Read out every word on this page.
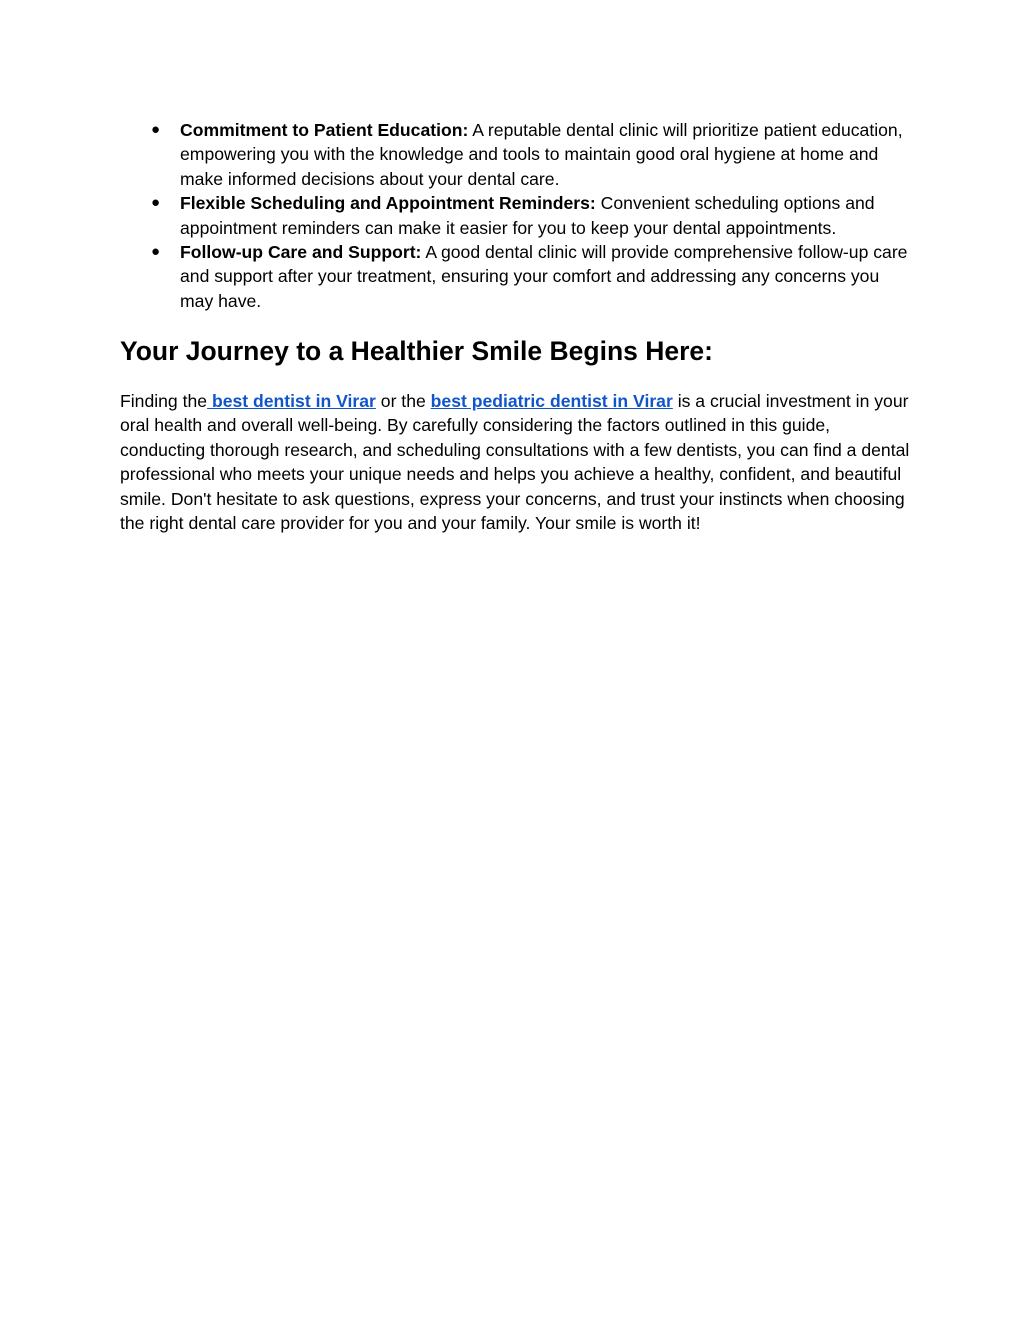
● Commitment to Patient Education: A reputable dental clinic will prioritize patient education, empowering you with the knowledge and tools to maintain good oral hygiene at home and make informed decisions about your dental care.
● Flexible Scheduling and Appointment Reminders: Convenient scheduling options and appointment reminders can make it easier for you to keep your dental appointments.
● Follow-up Care and Support: A good dental clinic will provide comprehensive follow-up care and support after your treatment, ensuring your comfort and addressing any concerns you may have.
Your Journey to a Healthier Smile Begins Here:

Finding the best dentist in Virar or the best pediatric dentist in Virar is a crucial investment in your oral health and overall well-being. By carefully considering the factors outlined in this guide, conducting thorough research, and scheduling consultations with a few dentists, you can find a dental professional who meets your unique needs and helps you achieve a healthy, confident, and beautiful smile. Don't hesitate to ask questions, express your concerns, and trust your instincts when choosing the right dental care provider for you and your family. Your smile is worth it!
